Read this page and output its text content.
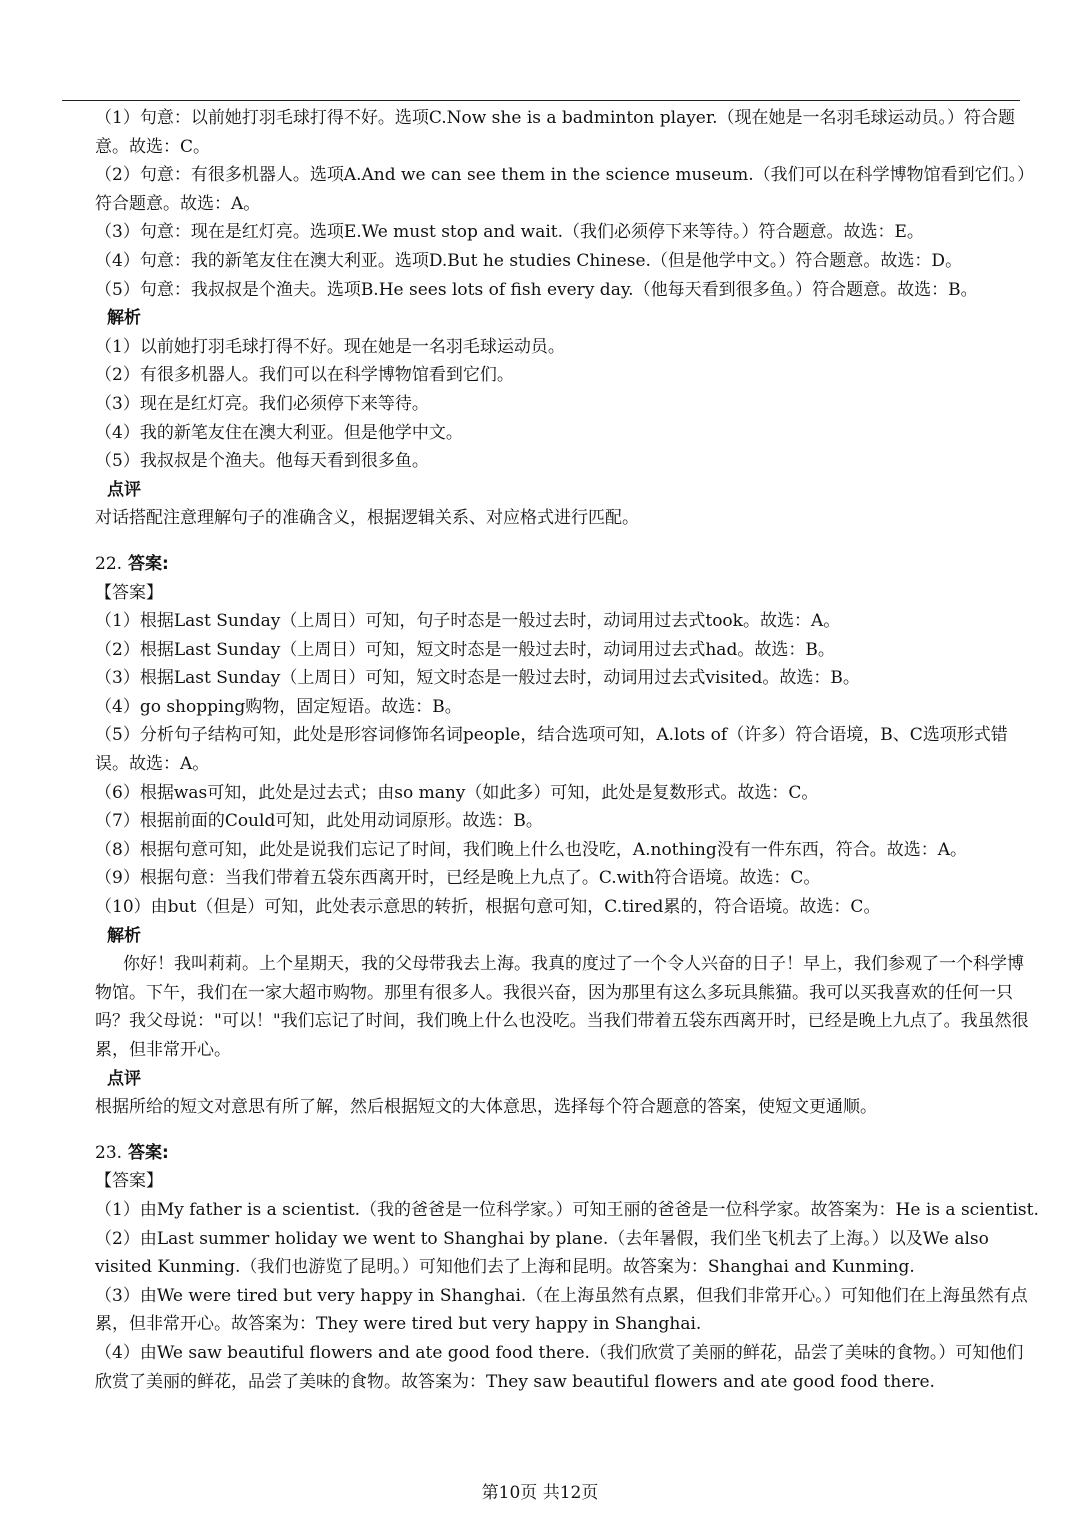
（1）句意：以前她打羽毛球打得不好。选项C.Now she is a badminton player.（现在她是一名羽毛球运动员。）符合题意。故选：C。
（2）句意：有很多机器人。选项A.And we can see them in the science museum.（我们可以在科学博物馆看到它们。）符合题意。故选：A。
（3）句意：现在是红灯亮。选项E.We must stop and wait.（我们必须停下来等待。）符合题意。故选：E。
（4）句意：我的新笔友住在澳大利亚。选项D.But he studies Chinese.（但是他学中文。）符合题意。故选：D。
（5）句意：我叔叔是个渔夫。选项B.He sees lots of fish every day.（他每天看到很多鱼。）符合题意。故选：B。
解析
（1）以前她打羽毛球打得不好。现在她是一名羽毛球运动员。
（2）有很多机器人。我们可以在科学博物馆看到它们。
（3）现在是红灯亮。我们必须停下来等待。
（4）我的新笔友住在澳大利亚。但是他学中文。
（5）我叔叔是个渔夫。他每天看到很多鱼。
点评
对话搭配注意理解句子的准确含义，根据逻辑关系、对应格式进行匹配。
22. 答案:
【答案】
（1）根据Last Sunday（上周日）可知，句子时态是一般过去时，动词用过去式took。故选：A。
（2）根据Last Sunday（上周日）可知，短文时态是一般过去时，动词用过去式had。故选：B。
（3）根据Last Sunday（上周日）可知，短文时态是一般过去时，动词用过去式visited。故选：B。
（4）go shopping购物，固定短语。故选：B。
（5）分析句子结构可知，此处是形容词修饰名词people，结合选项可知，A.lots of（许多）符合语境，B、C选项形式错误。故选：A。
（6）根据was可知，此处是过去式；由so many（如此多）可知，此处是复数形式。故选：C。
（7）根据前面的Could可知，此处用动词原形。故选：B。
（8）根据句意可知，此处是说我们忘记了时间，我们晚上什么也没吃，A.nothing没有一件东西，符合。故选：A。
（9）根据句意：当我们带着五袋东西离开时，已经是晚上九点了。C.with符合语境。故选：C。
（10）由but（但是）可知，此处表示意思的转折，根据句意可知，C.tired累的，符合语境。故选：C。
解析
你好！我叫莉莉。上个星期天，我的父母带我去上海。我真的度过了一个令人兴奋的日子！早上，我们参观了一个科学博物馆。下午，我们在一家大超市购物。那里有很多人。我很兴奋，因为那里有这么多玩具熊猫。我可以买我喜欢的任何一只吗？我父母说："可以！"我们忘记了时间，我们晚上什么也没吃。当我们带着五袋东西离开时，已经是晚上九点了。我虽然很累，但非常开心。
点评
根据所给的短文对意思有所了解，然后根据短文的大体意思，选择每个符合题意的答案，使短文更通顺。
23. 答案:
【答案】
（1）由My father is a scientist.（我的爸爸是一位科学家。）可知王丽的爸爸是一位科学家。故答案为：He is a scientist.
（2）由Last summer holiday we went to Shanghai by plane.（去年暑假，我们坐飞机去了上海。）以及We also visited Kunming.（我们也游览了昆明。）可知他们去了上海和昆明。故答案为：Shanghai and Kunming.
（3）由We were tired but very happy in Shanghai.（在上海虽然有点累，但我们非常开心。）可知他们在上海虽然有点累，但非常开心。故答案为：They were tired but very happy in Shanghai.
（4）由We saw beautiful flowers and ate good food there.（我们欣赏了美丽的鲜花，品尝了美味的食物。）可知他们欣赏了美丽的鲜花，品尝了美味的食物。故答案为：They saw beautiful flowers and ate good food there.
第10页 共12页
